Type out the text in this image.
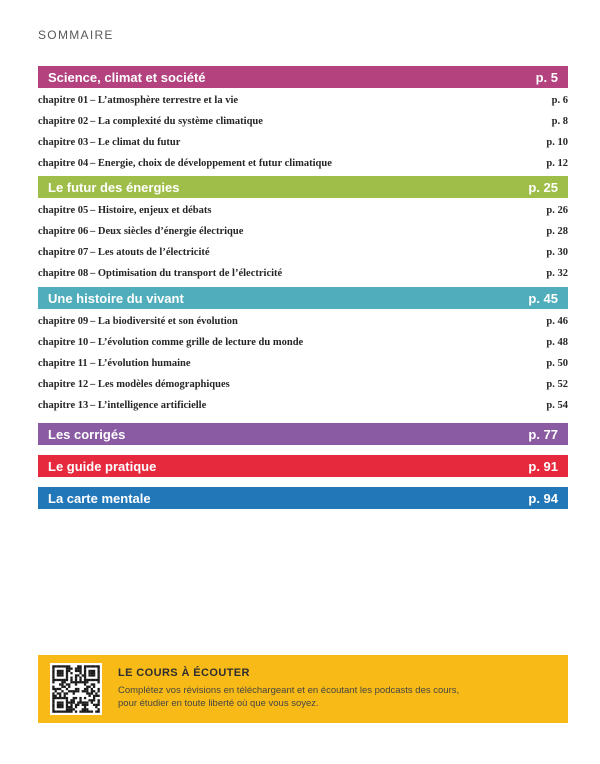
SOMMAIRE
Science, climat et société	p. 5
chapitre 01 – L’atmosphère terrestre et la vie	p. 6
chapitre 02 – La complexité du système climatique	p. 8
chapitre 03 – Le climat du futur	p. 10
chapitre 04 – Énergie, choix de développement et futur climatique	p. 12
Le futur des énergies	p. 25
chapitre 05 – Histoire, enjeux et débats	p. 26
chapitre 06 – Deux siècles d’énergie électrique	p. 28
chapitre 07 – Les atouts de l’électricité	p. 30
chapitre 08 – Optimisation du transport de l’électricité	p. 32
Une histoire du vivant	p. 45
chapitre 09 – La biodiversité et son évolution	p. 46
chapitre 10 – L’évolution comme grille de lecture du monde	p. 48
chapitre 11 – L’évolution humaine	p. 50
chapitre 12 – Les modèles démographiques	p. 52
chapitre 13 – L’intelligence artificielle	p. 54
Les corrigés	p. 77
Le guide pratique	p. 91
La carte mentale	p. 94
LE COURS À ÉCOUTER
Complétez vos révisions en téléchargeant et en écoutant les podcasts des cours,
pour étudier en toute liberté où que vous soyez.
